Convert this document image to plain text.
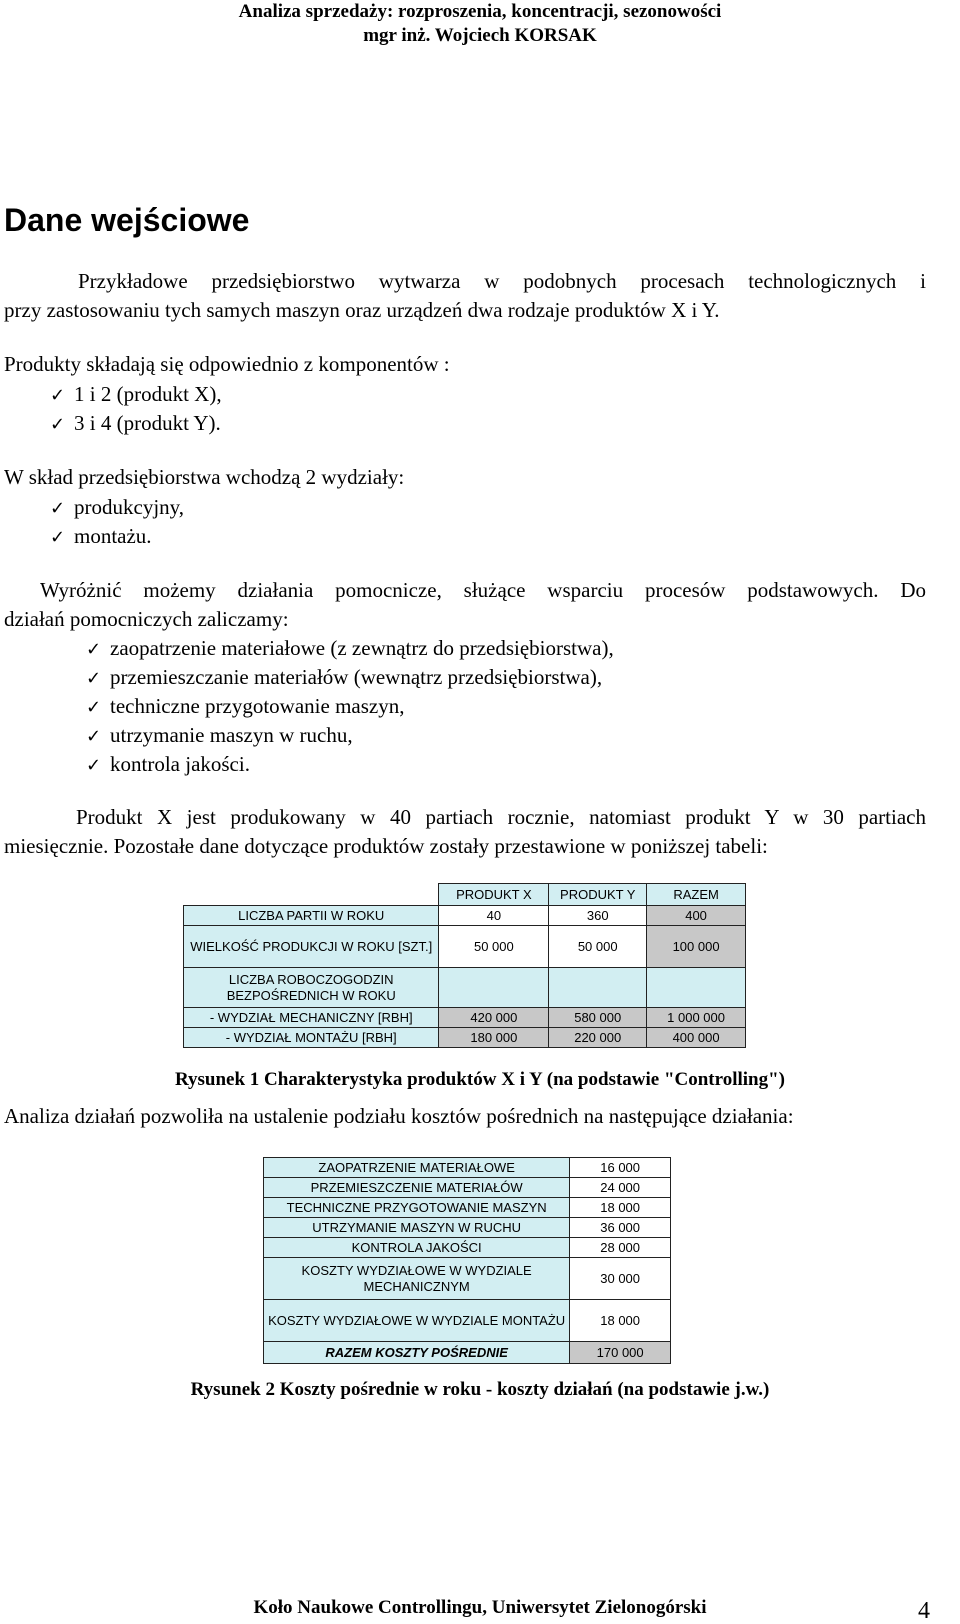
Analiza sprzedaży: rozproszenia, koncentracji, sezonowości
mgr inż. Wojciech KORSAK
Dane wejściowe
Przykładowe przedsiębiorstwo wytwarza w podobnych procesach technologicznych i
przy zastosowaniu tych samych maszyn oraz urządzeń dwa rodzaje produktów X i Y.
Produkty składają się odpowiednio z komponentów :
✓ 1 i 2 (produkt X),
✓ 3 i 4 (produkt Y).
W skład przedsiębiorstwa wchodzą 2 wydziały:
✓ produkcyjny,
✓ montażu.
Wyróżnić możemy działania pomocnicze, służące wsparciu procesów podstawowych. Do
działań pomocniczych zaliczamy:
✓ zaopatrzenie materiałowe (z zewnątrz do przedsiębiorstwa),
✓ przemieszczanie materiałów (wewnątrz przedsiębiorstwa),
✓ techniczne przygotowanie maszyn,
✓ utrzymanie maszyn w ruchu,
✓ kontrola jakości.
Produkt X jest produkowany w 40 partiach rocznie, natomiast produkt Y w 30 partiach
miesięcznie. Pozostałe dane dotyczące produktów zostały przestawione w poniższej tabeli:
	PRODUKT X	PRODUKT Y	RAZEM
LICZBA PARTII W ROKU	40	360	400
WIELKOŚĆ PRODUKCJI W ROKU [SZT.]	50 000	50 000	100 000
LICZBA ROBOCZOGODZIN BEZPOŚREDNICH W ROKU			
- WYDZIAŁ MECHANICZNY [RBH]	420 000	580 000	1 000 000
- WYDZIAŁ MONTAŻU [RBH]	180 000	220 000	400 000
Rysunek 1 Charakterystyka produktów X i Y (na podstawie "Controlling")
Analiza działań pozwoliła na ustalenie podziału kosztów pośrednich na następujące działania:
ZAOPATRZENIE MATERIAŁOWE	16 000
PRZEMIESZCZENIE MATERIAŁÓW	24 000
TECHNICZNE PRZYGOTOWANIE MASZYN	18 000
UTRZYMANIE MASZYN W RUCHU	36 000
KONTROLA JAKOŚCI	28 000
KOSZTY WYDZIAŁOWE W WYDZIALE MECHANICZNYM	30 000
KOSZTY WYDZIAŁOWE W WYDZIALE MONTAŻU	18 000
RAZEM KOSZTY POŚREDNIE	170 000
Rysunek 2 Koszty pośrednie w roku - koszty działań (na podstawie j.w.)
Koło Naukowe Controllingu, Uniwersytet Zielonogórski	4
